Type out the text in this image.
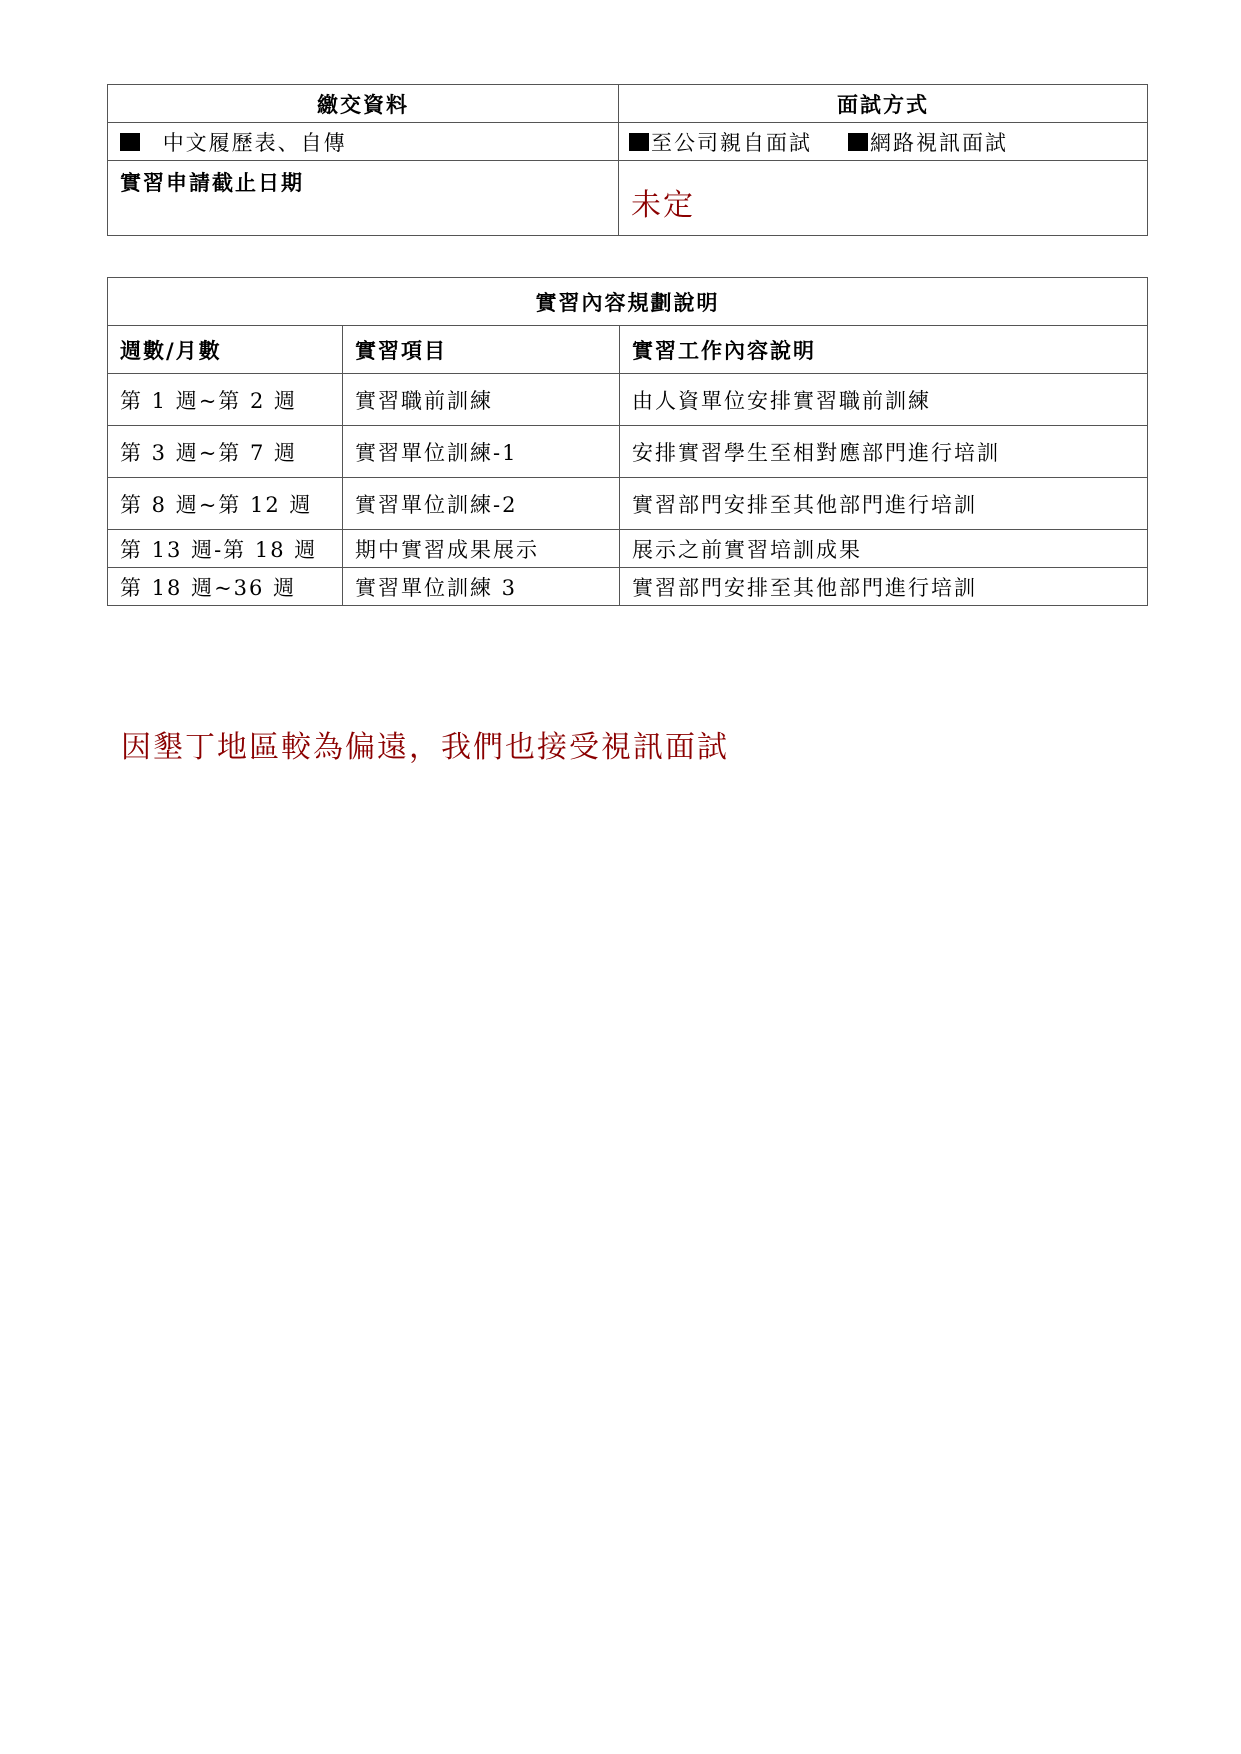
繳交資料	面試方式
中文履歷表、自傳	至公司親自面試 網路視訊面試
實習申請截止日期	未定
實習內容規劃說明		
週數/月數	實習項目	實習工作內容說明
第 1 週~第 2 週	實習職前訓練	由人資單位安排實習職前訓練
第 3 週~第 7 週	實習單位訓練-1	安排實習學生至相對應部門進行培訓
第 8 週~第 12 週	實習單位訓練-2	實習部門安排至其他部門進行培訓
第 13 週-第 18 週	期中實習成果展示	展示之前實習培訓成果
第 18 週~36 週	實習單位訓練 3	實習部門安排至其他部門進行培訓

因墾丁地區較為偏遠，我們也接受視訊面試
